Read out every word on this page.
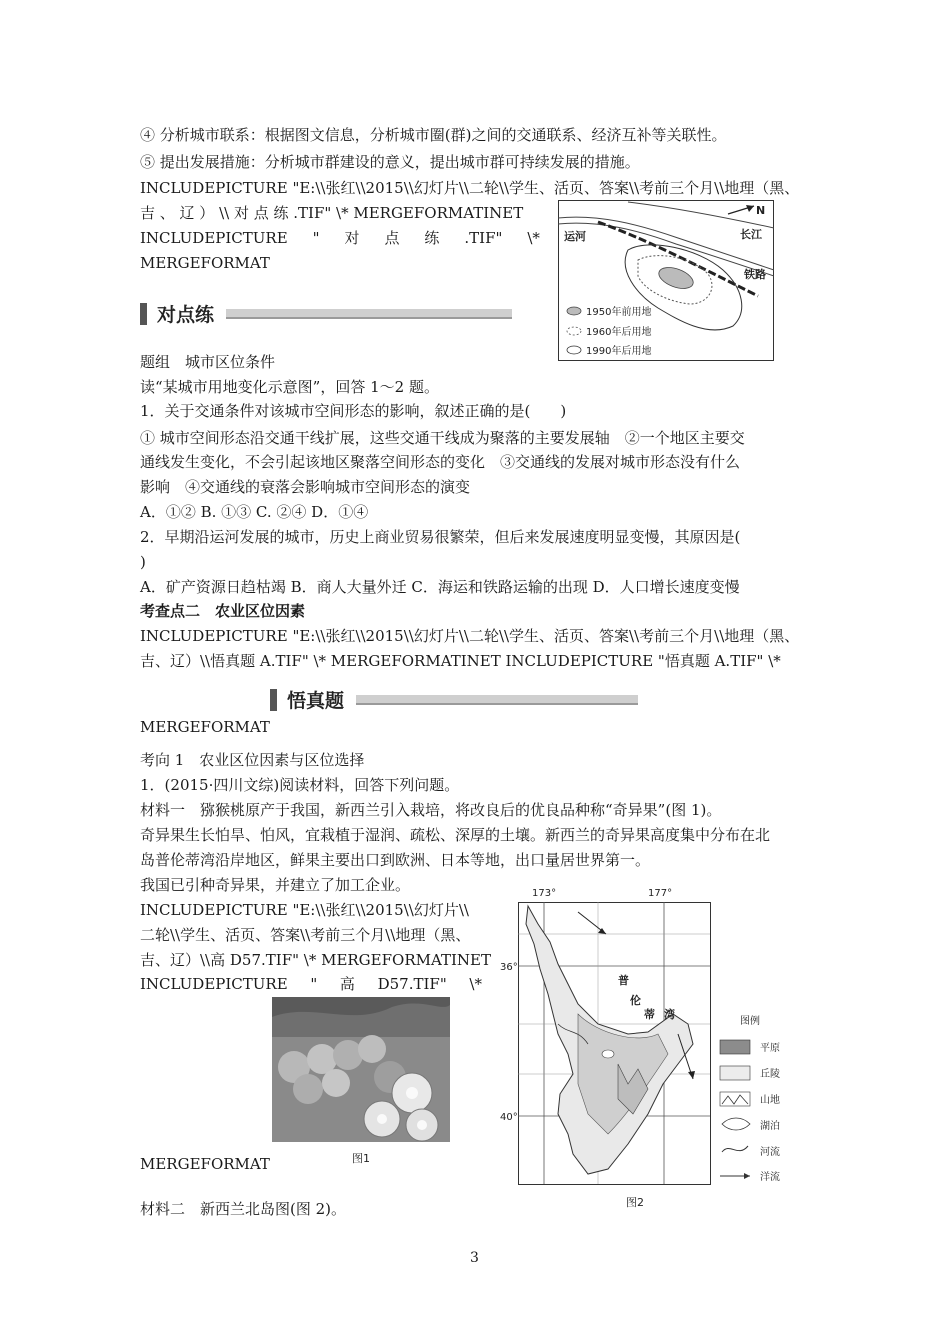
④ 分析城市联系：根据图文信息，分析城市圈(群)之间的交通联系、经济互补等关联性。
⑤ 提出发展措施：分析城市群建设的意义，提出城市群可持续发展的措施。
INCLUDEPICTURE "E:\\张红\\2015\\幻灯片\\二轮\\学生、活页、答案\\考前三个月\\地理（黑、
吉 、 辽 ） \\ 对 点 练 .TIF" \* MERGEFORMATINET
INCLUDEPICTURE " 对 点 练 .TIF" \*
MERGEFORMAT
对点练
N
运河	长江
铁路
1950年前用地
1960年后用地
1990年后用地
题组　城市区位条件
读“某城市用地变化示意图”，回答 1～2 题。
1．关于交通条件对该城市空间形态的影响，叙述正确的是(　　)
① 城市空间形态沿交通干线扩展，这些交通干线成为聚落的主要发展轴　②一个地区主要交
通线发生变化，不会引起该地区聚落空间形态的变化　③交通线的发展对城市形态没有什么
影响　④交通线的衰落会影响城市空间形态的演变
A．①② B. ①③ C. ②④ D．①④
2．早期沿运河发展的城市，历史上商业贸易很繁荣，但后来发展速度明显变慢，其原因是(
)
A．矿产资源日趋枯竭 B．商人大量外迁 C．海运和铁路运输的出现 D．人口增长速度变慢
考查点二　农业区位因素
INCLUDEPICTURE "E:\\张红\\2015\\幻灯片\\二轮\\学生、活页、答案\\考前三个月\\地理（黑、
吉、辽）\\悟真题 A.TIF" \* MERGEFORMATINET INCLUDEPICTURE "悟真题 A.TIF" \*
悟真题
MERGEFORMAT
考向 1　农业区位因素与区位选择
1．(2015·四川文综)阅读材料，回答下列问题。
材料一　猕猴桃原产于我国，新西兰引入栽培，将改良后的优良品种称“奇异果”(图 1)。
奇异果生长怕旱、怕风，宜栽植于湿润、疏松、深厚的土壤。新西兰的奇异果高度集中分布在北
岛普伦蒂湾沿岸地区，鲜果主要出口到欧洲、日本等地，出口量居世界第一。
我国已引种奇异果，并建立了加工企业。
INCLUDEPICTURE "E:\\张红\\2015\\幻灯片\\
二轮\\学生、活页、答案\\考前三个月\\地理（黑、
吉、辽）\\高 D57.TIF" \* MERGEFORMATINET
INCLUDEPICTURE " 高 D57.TIF" \*
图1
MERGEFORMAT
173°	177°
36°
40°
普
伦
蒂 湾
图例
平原
丘陵
山地
湖泊
河流
洋流
图2
材料二　新西兰北岛图(图 2)。
3
